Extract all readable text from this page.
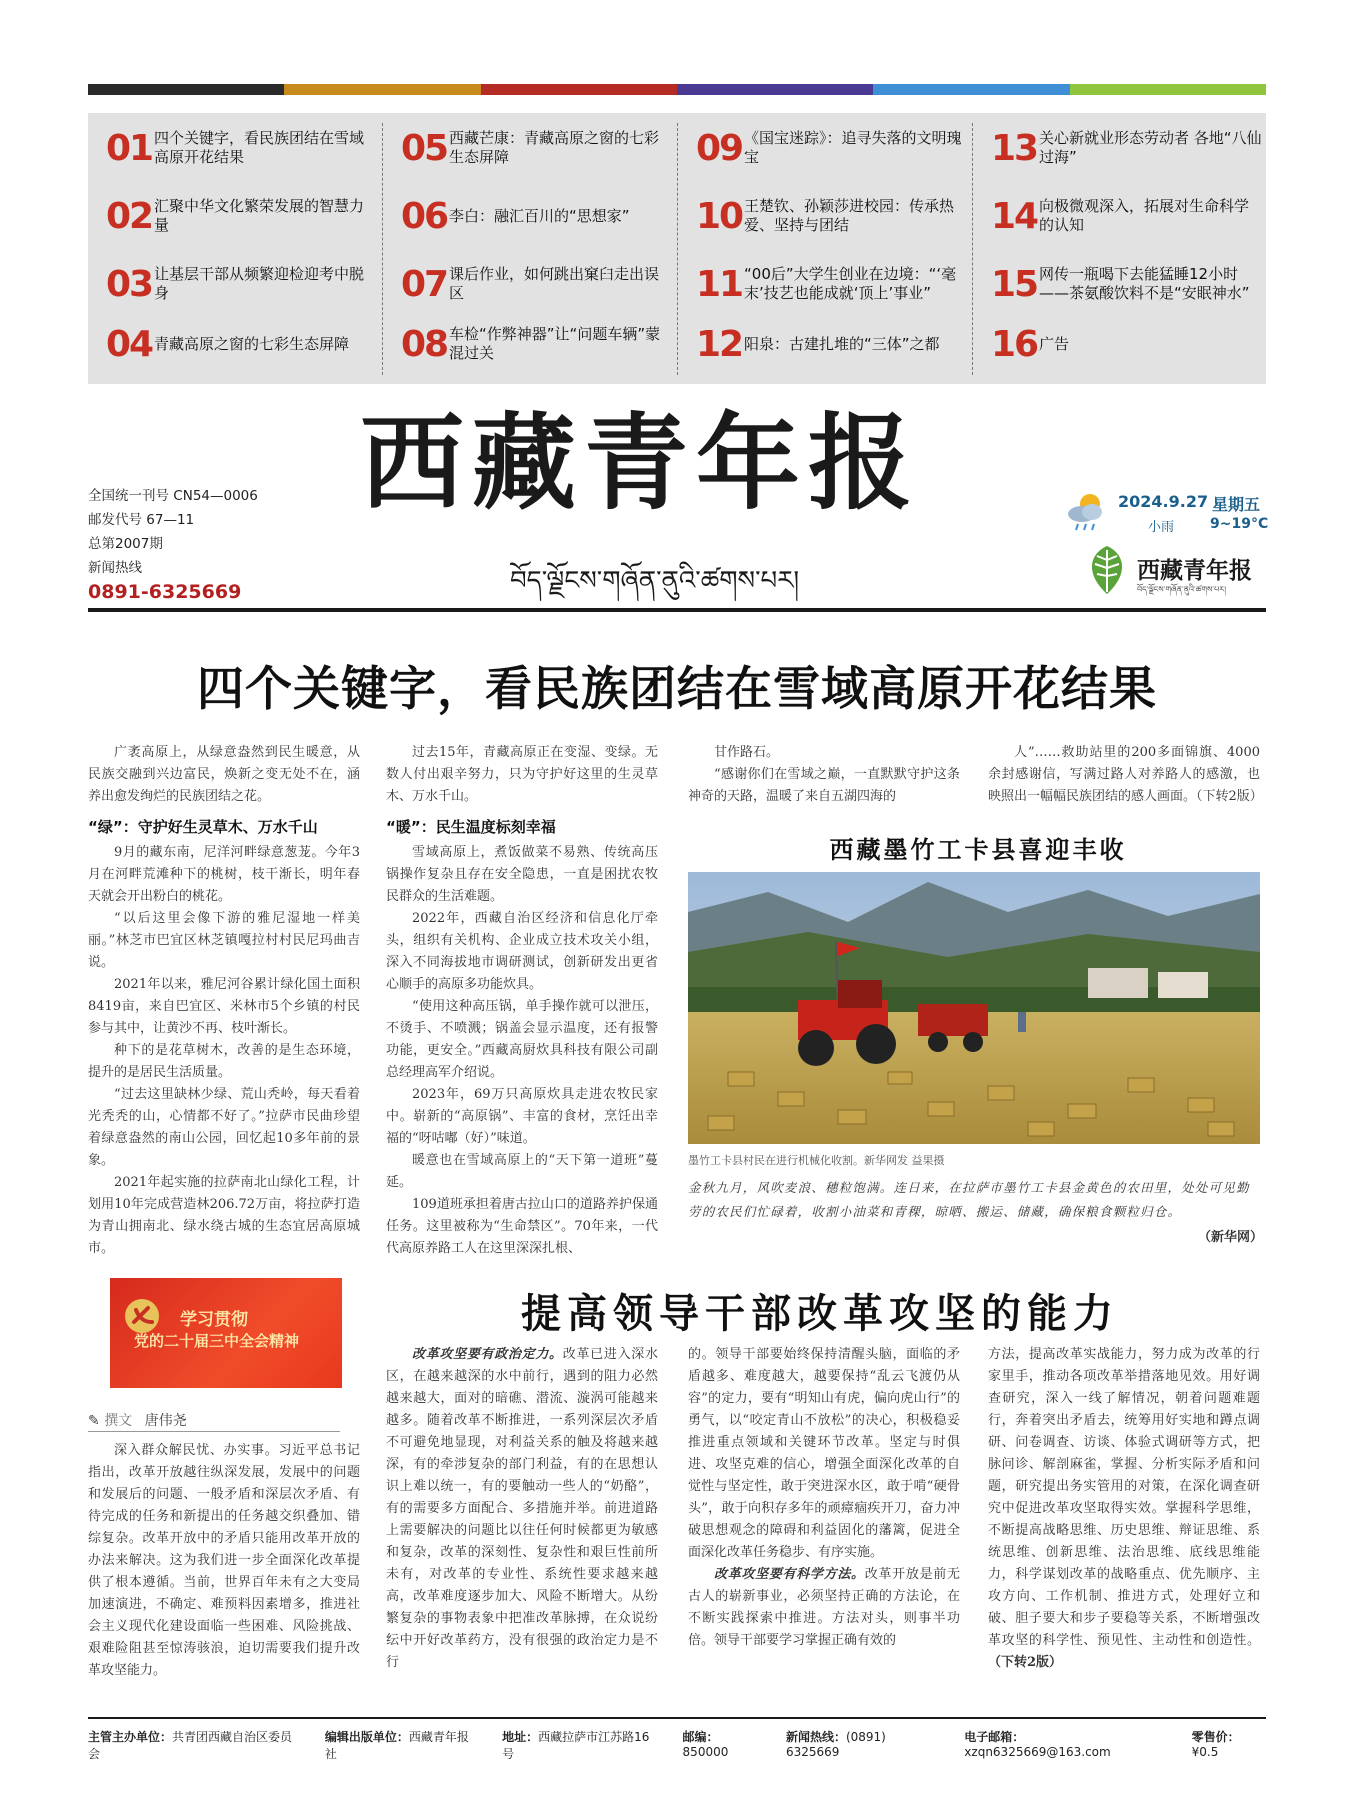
01 四个关键字，看民族团结在雪域高原开花结果
02 汇聚中华文化繁荣发展的智慧力量
03 让基层干部从频繁迎检迎考中脱身
04 青藏高原之窗的七彩生态屏障
05 西藏芒康：青藏高原之窗的七彩生态屏障
06 李白：融汇百川的“思想家”
07 课后作业，如何跳出窠臼走出误区
08 车检“作弊神器”让“问题车辆”蒙混过关
09 《国宝迷踪》：追寻失落的文明瑰宝
10 王楚钦、孙颖莎进校园：传承热爱、坚持与团结
11 “00后”大学生创业在边境：“‘毫末’技艺也能成就‘顶上’事业”
12 阳泉：古建扎堆的“三体”之都
13 关心新就业形态劳动者 各地“八仙过海”
14 向极微观深入，拓展对生命科学的认知
15 网传一瓶喝下去能猛睡12小时——茶氨酸饮料不是“安眠神水”
16 广告
全国统一刊号 CN54—0006
邮发代号 67—11
总第2007期
新闻热线
0891-6325669
西藏青年报
བོད་ལྗོངས་གཞོན་ནུའི་ཚགས་པར།
2024.9.27 星期五
小雨	9~19°C
西藏青年报
བོད་ལྗོངས་གཞོན་ནུའི་ཚགས་པར།
四个关键字，看民族团结在雪域高原开花结果

广袤高原上，从绿意盎然到民生暖意，从民族交融到兴边富民，焕新之变无处不在，涵养出愈发绚烂的民族团结之花。

“绿”：守护好生灵草木、万水千山

9月的藏东南，尼洋河畔绿意葱茏。今年3月在河畔荒滩种下的桃树，枝干渐长，明年春天就会开出粉白的桃花。

“以后这里会像下游的雅尼湿地一样美丽。”林芝市巴宜区林芝镇嘎拉村村民尼玛曲吉说。

2021年以来，雅尼河谷累计绿化国土面积8419亩，来自巴宜区、米林市5个乡镇的村民参与其中，让黄沙不再、枝叶渐长。

种下的是花草树木，改善的是生态环境，提升的是居民生活质量。

“过去这里缺林少绿、荒山秃岭，每天看着光秃秃的山，心情都不好了。”拉萨市民曲珍望着绿意盎然的南山公园，回忆起10多年前的景象。

2021年起实施的拉萨南北山绿化工程，计划用10年完成营造林206.72万亩，将拉萨打造为青山拥南北、绿水绕古城的生态宜居高原城市。

过去15年，青藏高原正在变湿、变绿。无数人付出艰辛努力，只为守护好这里的生灵草木、万水千山。

“暖”：民生温度标刻幸福

雪域高原上，煮饭做菜不易熟、传统高压锅操作复杂且存在安全隐患，一直是困扰农牧民群众的生活难题。

2022年，西藏自治区经济和信息化厅牵头，组织有关机构、企业成立技术攻关小组，深入不同海拔地市调研测试，创新研发出更省心顺手的高原多功能炊具。

“使用这种高压锅，单手操作就可以泄压，不烫手、不喷溅；锅盖会显示温度，还有报警功能，更安全。”西藏高厨炊具科技有限公司副总经理高军介绍说。

2023年，69万只高原炊具走进农牧民家中。崭新的“高原锅”、丰富的食材，烹饪出幸福的“呀咕嘟（好）”味道。

暖意也在雪域高原上的“天下第一道班”蔓延。

109道班承担着唐古拉山口的道路养护保通任务。这里被称为“生命禁区”。70年来，一代代高原养路工人在这里深深扎根、

甘作路石。

“感谢你们在雪域之巅，一直默默守护这条神奇的天路，温暖了来自五湖四海的

人”……救助站里的200多面锦旗、4000余封感谢信，写满过路人对养路人的感激，也映照出一幅幅民族团结的感人画面。（下转2版）

西藏墨竹工卡县喜迎丰收
墨竹工卡县村民在进行机械化收割。新华网发 益果摄
金秋九月，风吹麦浪、穗粒饱满。连日来，在拉萨市墨竹工卡县金黄色的农田里，处处可见勤劳的农民们忙碌着，收割小油菜和青稞，晾晒、搬运、储藏，确保粮食颗粒归仓。
（新华网）
学习贯彻
党的二十届三中全会精神
✎ 撰文 唐伟尧
提高领导干部改革攻坚的能力

深入群众解民忧、办实事。习近平总书记指出，改革开放越往纵深发展，发展中的问题和发展后的问题、一般矛盾和深层次矛盾、有待完成的任务和新提出的任务越交织叠加、错综复杂。改革开放中的矛盾只能用改革开放的办法来解决。这为我们进一步全面深化改革提供了根本遵循。当前，世界百年未有之大变局加速演进，不确定、难预料因素增多，推进社会主义现代化建设面临一些困难、风险挑战、艰难险阻甚至惊涛骇浪，迫切需要我们提升改革攻坚能力。

改革攻坚要有政治定力。改革已进入深水区，在越来越深的水中前行，遇到的阻力必然越来越大，面对的暗礁、潜流、漩涡可能越来越多。随着改革不断推进，一系列深层次矛盾不可避免地显现，对利益关系的触及将越来越深，有的牵涉复杂的部门利益，有的在思想认识上难以统一，有的要触动一些人的“奶酪”，有的需要多方面配合、多措施并举。前进道路上需要解决的问题比以往任何时候都更为敏感和复杂，改革的深刻性、复杂性和艰巨性前所未有，对改革的专业性、系统性要求越来越高，改革难度逐步加大、风险不断增大。从纷繁复杂的事物表象中把准改革脉搏，在众说纷纭中开好改革药方，没有很强的政治定力是不行

的。领导干部要始终保持清醒头脑，面临的矛盾越多、难度越大，越要保持“乱云飞渡仍从容”的定力，要有“明知山有虎，偏向虎山行”的勇气，以“咬定青山不放松”的决心，积极稳妥推进重点领域和关键环节改革。坚定与时俱进、攻坚克难的信心，增强全面深化改革的自觉性与坚定性，敢于突进深水区，敢于啃“硬骨头”，敢于向积存多年的顽瘴痼疾开刀，奋力冲破思想观念的障碍和利益固化的藩篱，促进全面深化改革任务稳步、有序实施。

改革攻坚要有科学方法。改革开放是前无古人的崭新事业，必须坚持正确的方法论，在不断实践探索中推进。方法对头，则事半功倍。领导干部要学习掌握正确有效的

方法，提高改革实战能力，努力成为改革的行家里手，推动各项改革举措落地见效。用好调查研究，深入一线了解情况，朝着问题难题行，奔着突出矛盾去，统筹用好实地和蹲点调研、问卷调查、访谈、体验式调研等方式，把脉问诊、解剖麻雀，掌握、分析实际矛盾和问题，研究提出务实管用的对策，在深化调查研究中促进改革攻坚取得实效。掌握科学思维，不断提高战略思维、历史思维、辩证思维、系统思维、创新思维、法治思维、底线思维能力，科学谋划改革的战略重点、优先顺序、主攻方向、工作机制、推进方式，处理好立和破、胆子要大和步子要稳等关系，不断增强改革攻坚的科学性、预见性、主动性和创造性。（下转2版）
主管主办单位：共青团西藏自治区委员会
编辑出版单位：西藏青年报社
地址：西藏拉萨市江苏路16号
邮编：850000
新闻热线：(0891) 6325669
电子邮箱：xzqn6325669@163.com
零售价：¥0.5
